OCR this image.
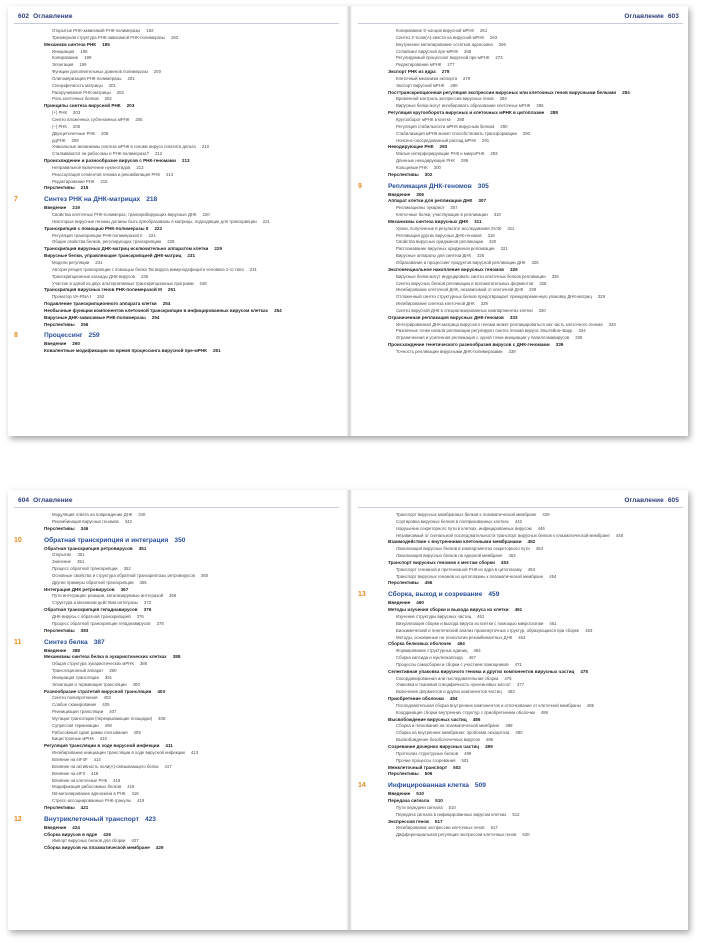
602 Оглавление
Открытые РНК-зависимой РНК-полимеразы 192
Трехмерная структура РНК-зависимой РНК-полимеразы 193
Механизм синтеза РНК 195
Инициация 195
Копирование 199
Элонгация 199
Функции дополнительных доменов полимеразы 200
Олигомеризация РНК-полимеразы 201
Специфичность матрицы 201
Раскручивание РНК-матрицы 202
Роль клеточных белков 202
Принципы синтеза вирусной РНК 203
(+) РНК 203
Синтез вложенных субгеномных мРНК 205
(–) РНК 205
Двухцепочечные РНК 208
дцРНК 209
Уникальные механизмы синтеза мРНК в геноме вируса гепатита дельта 210
Сталкиваются ли рибосомы и РНК-полимераза? 212
Происхождение и разнообразие вирусов с РНК-геномами 213
Неправильное включение нуклеотидов 213
Реассортация сегментов генома и рекомбинация РНК 214
Редактирование РНК 215
Перспективы 215
7	Синтез РНК на ДНК-матрицах 218
Введение 219
Свойства клеточных РНК-полимераз, транскрибирующих вирусные ДНК 220
Некоторые вирусные геномы должны быть преобразованы в матрицы, подходящие для транскрипции 221
Транскрипция с помощью РНК-полимеразы II 222
Регуляция транскрипции РНК-полимеразой II 224
Общие свойства белков, регулирующих транскрипцию 228
Транскрипция вирусных ДНК-матриц исключительно аппаратом клетки 229
Вирусные белки, управляющие транскрипцией ДНК-матриц 231
Модели регуляции 231
Авторегуляция транскрипции с помощью белка Tat вируса иммунодефицита человека 1-го типа 231
Транскрипционные каскады ДНК-вирусов 236
Участие в одной из двух альтернативных транскрипционных программ 248
Транскрипция вирусных генов РНК-полимеразой III 251
Промотор VA-RNA I 252
Подавление транскрипционного аппарата клетки 254
Необычные функции компонентов клеточной транскрипции в инфицированных вирусом клетках 254
Вирусные ДНК-зависимые РНК-полимеразы 254
Перспективы 256
8	Процессинг 259
Введение 260
Ковалентные модификации во время процессинга вирусной пре-мРНК 261
Оглавление 603
Копирование 5′-концов вирусной мРНК 261
Синтез 3′-поли(А)-хвоста на вирусной мРНК 263
Внутреннее метилирование остатков аденозина 266
Сплайсинг вирусной пре-мРНК 268
Регулируемый процессинг вирусной пре-мРНК 273
Редактирование мРНК 277
Экспорт РНК из ядра 279
Клеточный механизм экспорта 279
Экспорт вирусной мРНК 280
Посттранскрипционная регуляция экспрессии вирусных или клеточных генов вирусными белками 284
Временной контроль экспрессии вирусных генов 284
Вирусные белки могут ингибировать образование клеточных мРНК 286
Регуляция кругооборота вирусных и клеточных мРНК в цитоплазме 288
Кругооборот мРНК в клетке 288
Регуляция стабильности мРНК вирусным белком 290
Стабилизация мРНК может способствовать трансформации 290
Нонсенс-опосредованный распад мРНК 291
Некодирующие РНК 293
Малые интерферирующие РНК и микроРНК 293
Длинные некодирующие РНК 299
Кольцевые РНК 300
Перспективы 302
9	Репликация ДНК-геномов 305
Введение 306
Аппарат клетки для репликации ДНК 307
Репликационы эукариот 307
Клеточные белки, участвующие в репликации 310
Механизмы синтеза вирусных ДНК 311
Уроки, полученные в результате исследования SV40 311
Репликация других вирусных ДНК-геномов 316
Свойства вирусных ориджинов репликации 320
Распознавание вирусных ориджинов репликации 321
Вирусные аппараты для синтеза ДНК 325
Образование и процессинг продуктов вирусной репликации ДНК 326
Экспоненциальное накопление вирусных геномов 326
Вирусные белки могут индуцировать синтез клеточных белков репликации 326
Синтез вирусных белков репликации и вспомогательных ферментов 328
Ингибирование клеточной ДНК, независимой от клеточной ДНК 329
Отложенный синтез структурных белков предотвращает преждевременную упаковку ДНК-матриц 329
Ингибирование синтеза клеточной ДНК 329
Синтез вирусной ДНК в специализированных компартментах клетки 330
Ограниченная репликация вирусных ДНК-геномов 333
Интегрированная ДНК-матрица вирусного генома может реплицироваться как часть клеточного генома 333
Различные точки начала репликации регулируют синтез генома вируса Эпштейна–Барр 334
Ограниченная и усиленная репликация с одной точки инициации у папилломавирусов 335
Происхождение генетического разнообразия вирусов с ДНК-геномами 339
Точность репликации вирусными ДНК-полимеразами 339
604 Оглавление
Модуляция ответа на повреждение ДНК 340
Рекомбинация вирусных геномов 343
Перспективы 346
10	Обратная транскрипция и интеграция 350
Обратная транскрипция ретровирусов 351
Открытие 351
Значение 351
Процесс обратной транскрипции 352
Основные свойства и структура обратной транскриптазы ретровирусов 360
Другие примеры обратной транскрипции 365
Интеграция ДНК ретровирусов 367
Пути интеграции: реакции, катализируемые интегразой 368
Структура и механизм действия интегразы 373
Обратная транскрипция гепаднавирусов 376
ДНК-вирусы с обратной транскрипцией 376
Процесс обратной транскрипции гепаднавирусов 378
Перспективы 383
11	Синтез белка 387
Введение 388
Механизмы синтеза белка в эукариотических клетках 388
Общая структура эукариотических мРНК 388
Трансляционный аппарат 390
Инициация трансляции 391
Элонгация и терминация трансляции 400
Разнообразие стратегий вирусной трансляции 403
Синтез полипротеинов 403
Слабое сканирование 405
Реинициация трансляции 407
Мутации трансляции (перекрывающие площадки) 408
Супрессия терминации 408
Рибосомный сдвиг рамки считывания 409
Бицистронные мРНК 410
Регуляция трансляции в ходе вирусной инфекции 411
Ингибирование инициации трансляции в ходе вирусной инфекции 413
Влияние на eIF4F 414
Влияние на активность поли(А)-связывающего белка 417
Влияние на eIF3 418
Влияние на клеточные РНК 418
Модификация рибосомных белков 418
N6-метилирование аденозина в РНК 418
Стресс-ассоциированные РНК-гранулы 419
Перспективы 421
12	Внутриклеточный транспорт 423
Введение 424
Сборка вирусов в ядре 426
Импорт вирусных белков для сборки 427
Сборка вирусов на плазматической мембране 429
Оглавление 605
Транспорт вирусных мембранных белков к плазматической мембране 429
Сортировка вирусных белков в поляризованных клетках 442
Нарушение секреторного пути в клетках, инфицированных вирусом 446
Независимый от сигнальной последовательности транспорт вирусных белков к плазматической мембране 448
Взаимодействие с внутренними клеточными мембранами 452
Локализация вирусных белков в компартментах секреторного пути 453
Локализация вирусных белков на ядерной мембране 453
Транспорт вирусных геномов к местам сборки 453
Транспорт геномной и претеномной РНК из ядра в цитоплазму 453
Транспорт вирусных геномов из цитоплазмы к плазматической мембране 454
Перспективы 456
13	Сборка, выход и созревание 459
Введение 460
Методы изучения сборки и выхода вируса из клетки 461
Изучение структуры вирусных частиц 461
Визуализация сборки и выхода вируса из клетки с помощью микроскопии 461
Биохимический и генетический анализ промежуточных структур, образующихся при сборке 463
Методы, основанные на технологии рекомбинантных ДНК 463
Сборка белковых оболочек 464
Формирование структурных единиц 464
Сборка капсида и нуклеокапсида 467
Процессы самосборки и сборки с участием помощников 471
Селективная упаковка вирусного генома и других компонентов вирусных частиц 475
Скоординированная или последовательная сборка 475
Упаковка и тканевая специфичность нуклеиновых кислот 477
Включение ферментов и других компонентов частиц 483
Приобретение оболочки 484
Последовательная сборка внутренних компонентов и отпочкование от клеточной мембраны 485
Координация сборки внутренних структур с приобретением оболочки 486
Высвобождение вирусных частиц 486
Сборка и почкование на плазматической мембране 488
Сборка на внутренних мембранах: проблема экзоцитоза 490
Высвобождение безоболочечных вирусов 496
Созревание дочерних вирусных частиц 499
Протеолиз структурных белков 499
Прочие процессы созревания 501
Межклеточный транспорт 502
Перспективы 506
14	Инфицированная клетка 509
Введение 510
Передача сигнала 510
Пути передачи сигнала 510
Передача сигнала в инфицированных вирусом клетках 512
Экспрессия генов 517
Ингибирование экспрессии клеточных генов 517
Дифференциальная регуляция экспрессии клеточных генов 520
